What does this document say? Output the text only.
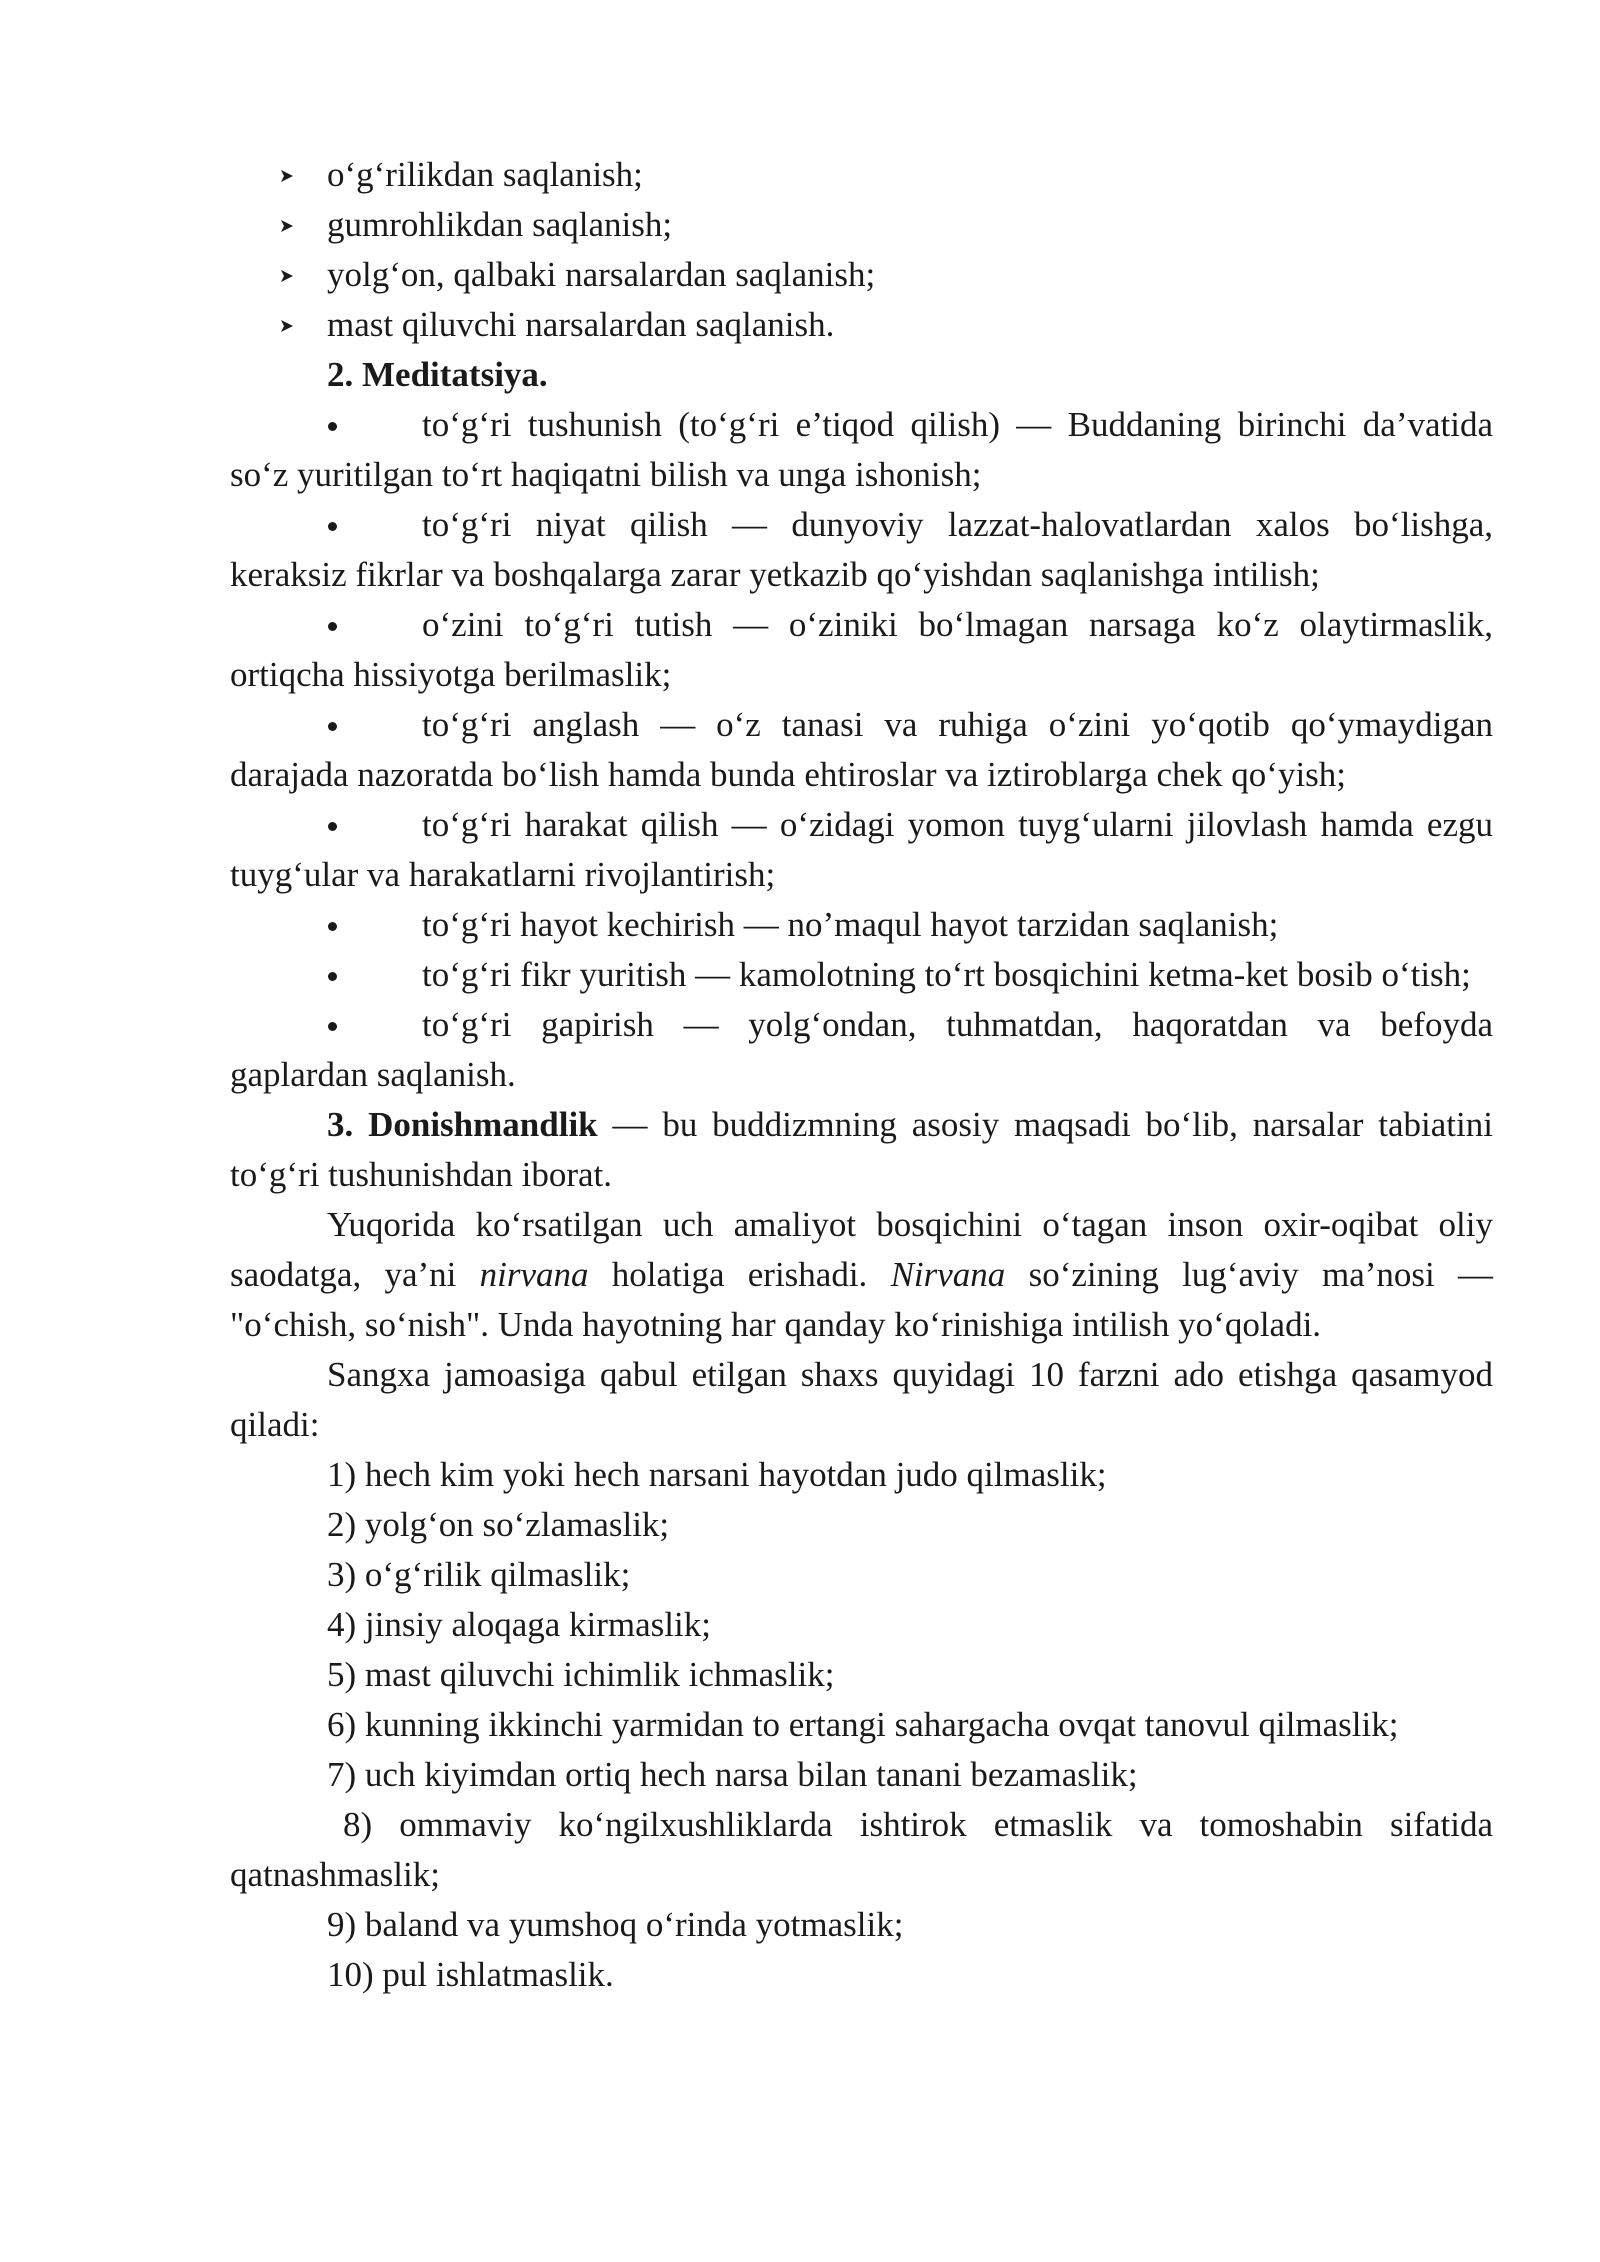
o‘g‘rilikdan saqlanish;
gumrohlikdan saqlanish;
yolg‘on, qalbaki narsalardan saqlanish;
mast qiluvchi narsalardan saqlanish.
2. Meditatsiya.
to‘g‘ri tushunish (to‘g‘ri e’tiqod qilish) — Buddaning birinchi da’vatida so‘z yuritilgan to‘rt haqiqatni bilish va unga ishonish;
to‘g‘ri niyat qilish — dunyoviy lazzat-halovatlardan xalos bo‘lishga, keraksiz fikrlar va boshqalarga zarar yetkazib qo‘yishdan saqlanishga intilish;
o‘zini to‘g‘ri tutish — o‘ziniki bo‘lmagan narsaga ko‘z olaytirmaslik, ortiqcha hissiyotga berilmaslik;
to‘g‘ri anglash — o‘z tanasi va ruhiga o‘zini yo‘qotib qo‘ymaydigan darajada nazoratda bo‘lish hamda bunda ehtiroslar va iztiroblarga chek qo‘yish;
to‘g‘ri harakat qilish — o‘zidagi yomon tuyg‘ularni jilovlash hamda ezgu tuyg‘ular va harakatlarni rivojlantirish;
to‘g‘ri hayot kechirish — no’maqul hayot tarzidan saqlanish;
to‘g‘ri fikr yuritish — kamolotning to‘rt bosqichini ketma-ket bosib o‘tish;
to‘g‘ri gapirish — yolg‘ondan, tuhmatdan, haqoratdan va befoyda gaplardan saqlanish.

3. Donishmandlik — bu buddizmning asosiy maqsadi bo‘lib, narsalar tabiatini to‘g‘ri tushunishdan iborat.

Yuqorida ko‘rsatilgan uch amaliyot bosqichini o‘tagan inson oxir-oqibat oliy saodatga, ya’ni nirvana holatiga erishadi. Nirvana so‘zining lug‘aviy ma’nosi — "o‘chish, so‘nish". Unda hayotning har qanday ko‘rinishiga intilish yo‘qoladi.

Sangxa jamoasiga qabul etilgan shaxs quyidagi 10 farzni ado etishga qasamyod qiladi:

1) hech kim yoki hech narsani hayotdan judo qilmaslik;
2) yolg‘on so‘zlamaslik;
3) o‘g‘rilik qilmaslik;
4) jinsiy aloqaga kirmaslik;
5) mast qiluvchi ichimlik ichmaslik;
6) kunning ikkinchi yarmidan to ertangi sahargacha ovqat tanovul qilmaslik;
7) uch kiyimdan ortiq hech narsa bilan tanani bezamaslik;
8) ommaviy ko‘ngilxushliklarda ishtirok etmaslik va tomoshabin sifatida qatnashmaslik;
9) baland va yumshoq o‘rinda yotmaslik;
10) pul ishlatmaslik.
